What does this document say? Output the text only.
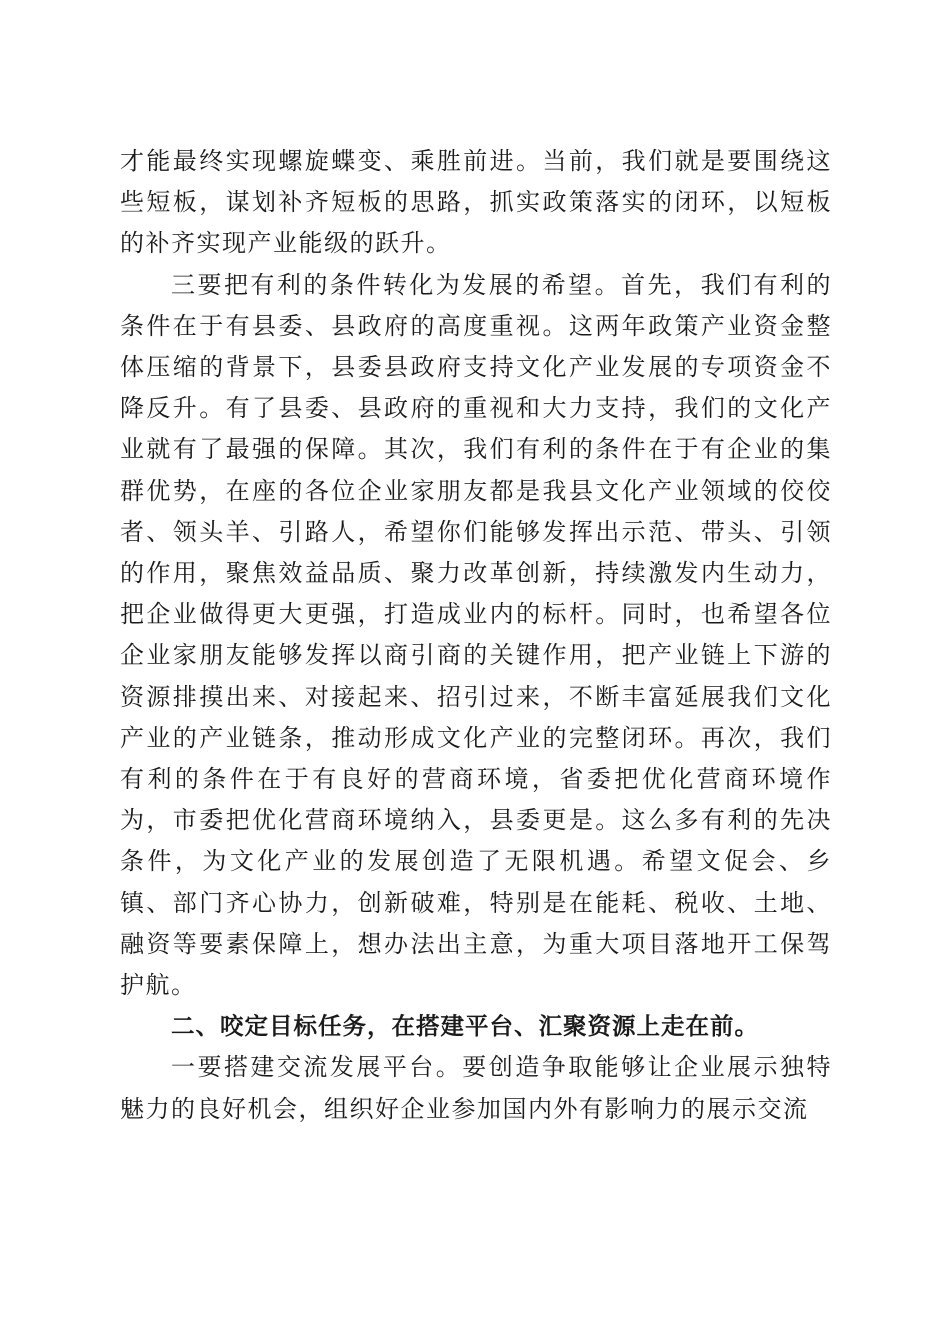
才能最终实现螺旋蝶变、乘胜前进。当前，我们就是要围绕这些短板，谋划补齐短板的思路，抓实政策落实的闭环，以短板的补齐实现产业能级的跃升。

三要把有利的条件转化为发展的希望。首先，我们有利的条件在于有县委、县政府的高度重视。这两年政策产业资金整体压缩的背景下，县委县政府支持文化产业发展的专项资金不降反升。有了县委、县政府的重视和大力支持，我们的文化产业就有了最强的保障。其次，我们有利的条件在于有企业的集群优势，在座的各位企业家朋友都是我县文化产业领域的佼佼者、领头羊、引路人，希望你们能够发挥出示范、带头、引领的作用，聚焦效益品质、聚力改革创新，持续激发内生动力，把企业做得更大更强，打造成业内的标杆。同时，也希望各位企业家朋友能够发挥以商引商的关键作用，把产业链上下游的资源排摸出来、对接起来、招引过来，不断丰富延展我们文化产业的产业链条，推动形成文化产业的完整闭环。再次，我们有利的条件在于有良好的营商环境，省委把优化营商环境作为，市委把优化营商环境纳入，县委更是。这么多有利的先决条件，为文化产业的发展创造了无限机遇。希望文促会、乡镇、部门齐心协力，创新破难，特别是在能耗、税收、土地、融资等要素保障上，想办法出主意，为重大项目落地开工保驾护航。

二、咬定目标任务，在搭建平台、汇聚资源上走在前。

一要搭建交流发展平台。要创造争取能够让企业展示独特魅力的良好机会，组织好企业参加国内外有影响力的展示交流
